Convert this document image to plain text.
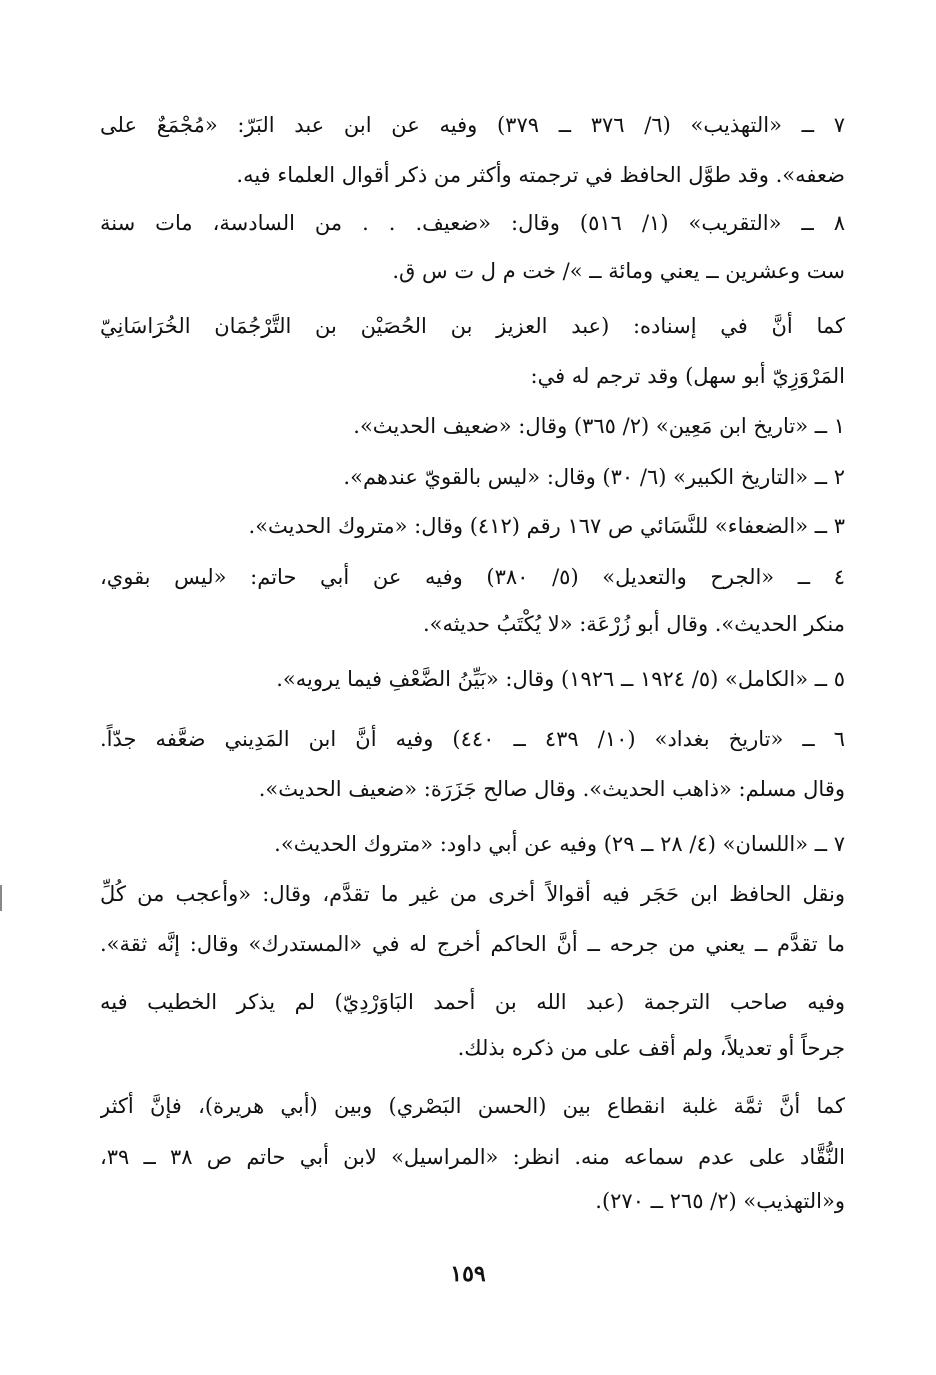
٧ ــ «التهذيب» (٦/ ٣٧٦ ــ ٣٧٩) وفيه عن ابن عبد البَرّ: «مُجْمَعٌ على
ضعفه». وقد طوَّل الحافظ في ترجمته وأكثر من ذكر أقوال العلماء فيه.
٨ ــ «التقريب» (١/ ٥١٦) وقال: «ضعيف. . . من السادسة، مات سنة
ست وعشرين ــ يعني ومائة ــ »/ خت م ل ت س ق.
كما أنَّ في إسناده: (عبد العزيز بن الحُصَيْن بن التَّرْجُمَان الخُرَاسَانِيّ
المَرْوَزِيّ أبو سهل) وقد ترجم له في:
١ ــ «تاريخ ابن مَعِين» (٢/ ٣٦٥) وقال: «ضعيف الحديث».
٢ ــ «التاريخ الكبير» (٦/ ٣٠) وقال: «ليس بالقويّ عندهم».
٣ ــ «الضعفاء» للنَّسَائي ص ١٦٧ رقم (٤١٢) وقال: «متروك الحديث».
٤ ــ «الجرح والتعديل» (٥/ ٣٨٠) وفيه عن أبي حاتم: «ليس بقوي،
منكر الحديث». وقال أبو زُرْعَة: «لا يُكْتَبُ حديثه».
٥ ــ «الكامل» (٥/ ١٩٢٤ ــ ١٩٢٦) وقال: «بَيِّنُ الضَّعْفِ فيما يرويه».
٦ ــ «تاريخ بغداد» (١٠/ ٤٣٩ ــ ٤٤٠) وفيه أنَّ ابن المَدِيني ضعَّفه جدّاً.
وقال مسلم: «ذاهب الحديث». وقال صالح جَزَرَة: «ضعيف الحديث».
٧ ــ «اللسان» (٤/ ٢٨ ــ ٢٩) وفيه عن أبي داود: «متروك الحديث».
ونقل الحافظ ابن حَجَر فيه أقوالاً أخرى من غير ما تقدَّم، وقال: «وأعجب من كُلِّ
ما تقدَّم ــ يعني من جرحه ــ أنَّ الحاكم أخرج له في «المستدرك» وقال: إنَّه ثقة».
وفيه صاحب الترجمة (عبد الله بن أحمد البَاوَرْدِيّ) لم يذكر الخطيب فيه
جرحاً أو تعديلاً، ولم أقف على من ذكره بذلك.
كما أنَّ ثمَّة غلبة انقطاع بين (الحسن البَصْري) وبين (أبي هريرة)، فإنَّ أكثر
النُّقَّاد على عدم سماعه منه. انظر: «المراسيل» لابن أبي حاتم ص ٣٨ ــ ٣٩،
و«التهذيب» (٢/ ٢٦٥ ــ ٢٧٠).
١٥٩
